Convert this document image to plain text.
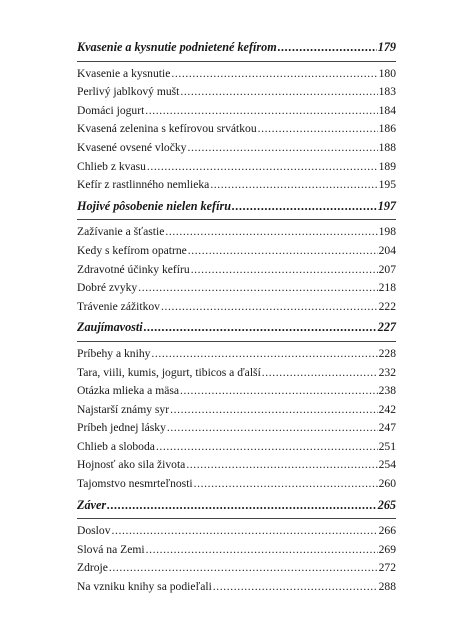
Kvasenie a kysnutie podnietené kefírom .....	179
Kvasenie a kysnutie .....	180
Perlivý jablkový mušt .....	183
Domáci jogurt .....	184
Kvasená zelenina s kefírovou srvátkou .....	186
Kvasené ovsené vločky .....	188
Chlieb z kvasu .....	189
Kefír z rastlinného nemlieka .....	195
Hojivé pôsobenie nielen kefíru .....	197
Zažívanie a šťastie .....	198
Kedy s kefírom opatrne .....	204
Zdravotné účinky kefíru .....	207
Dobré zvyky .....	218
Trávenie zážitkov .....	222
Zaujímavosti .....	227
Príbehy a knihy .....	228
Tara, viili, kumis, jogurt, tibicos a ďalší .....	232
Otázka mlieka a mäsa .....	238
Najstarší známy syr .....	242
Príbeh jednej lásky .....	247
Chlieb a sloboda .....	251
Hojnosť ako sila života .....	254
Tajomstvo nesmrteľnosti .....	260
Záver .....	265
Doslov .....	266
Slová na Zemi .....	269
Zdroje .....	272
Na vzniku knihy sa podieľali .....	288
